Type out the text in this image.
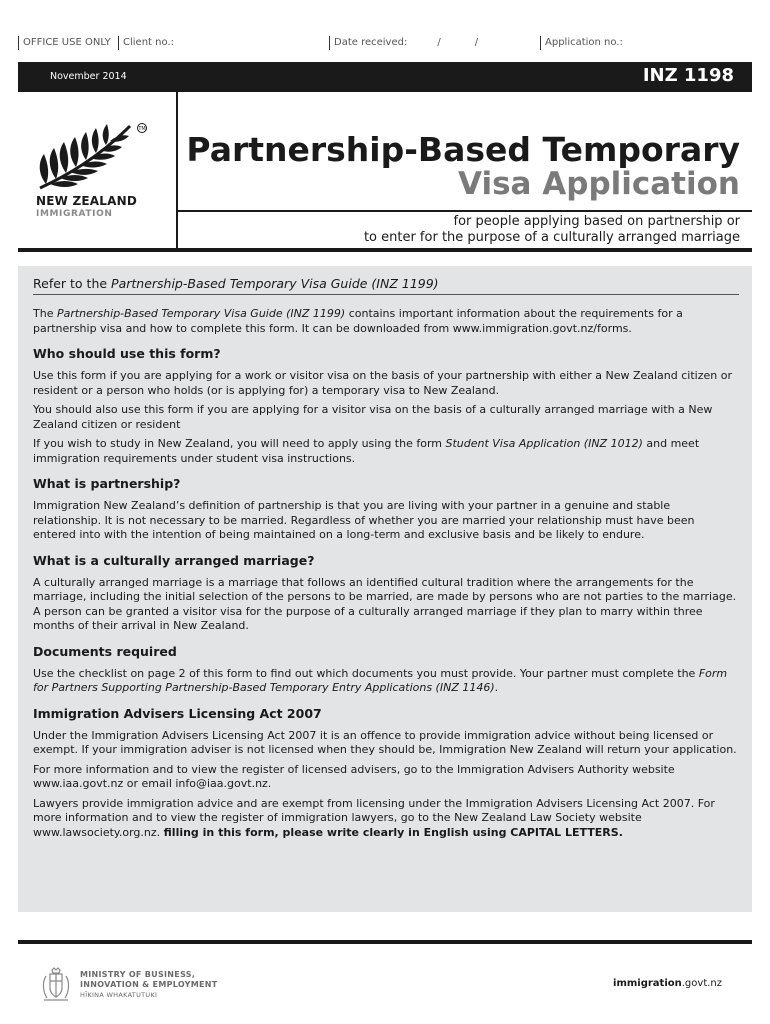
OFFICE USE ONLY	Client no.:	Date received:	/	/	Application no.:
November 2014	INZ 1198
TM
NEW ZEALAND
IMMIGRATION
Partnership-Based Temporary
Visa Application
for people applying based on partnership or
to enter for the purpose of a culturally arranged marriage
Refer to the Partnership-Based Temporary Visa Guide (INZ 1199)

The Partnership-Based Temporary Visa Guide (INZ 1199) contains important information about the requirements for a partnership visa and how to complete this form. It can be downloaded from www.immigration.govt.nz/forms.

Who should use this form?

Use this form if you are applying for a work or visitor visa on the basis of your partnership with either a New Zealand citizen or resident or a person who holds (or is applying for) a temporary visa to New Zealand.

You should also use this form if you are applying for a visitor visa on the basis of a culturally arranged marriage with a New Zealand citizen or resident

If you wish to study in New Zealand, you will need to apply using the form Student Visa Application (INZ 1012) and meet immigration requirements under student visa instructions.

What is partnership?

Immigration New Zealand’s definition of partnership is that you are living with your partner in a genuine and stable relationship. It is not necessary to be married. Regardless of whether you are married your relationship must have been entered into with the intention of being maintained on a long-term and exclusive basis and be likely to endure.

What is a culturally arranged marriage?

A culturally arranged marriage is a marriage that follows an identified cultural tradition where the arrangements for the marriage, including the initial selection of the persons to be married, are made by persons who are not parties to the marriage. A person can be granted a visitor visa for the purpose of a culturally arranged marriage if they plan to marry within three months of their arrival in New Zealand.

Documents required

Use the checklist on page 2 of this form to find out which documents you must provide. Your partner must complete the Form for Partners Supporting Partnership-Based Temporary Entry Applications (INZ 1146).

Immigration Advisers Licensing Act 2007

Under the Immigration Advisers Licensing Act 2007 it is an offence to provide immigration advice without being licensed or exempt. If your immigration adviser is not licensed when they should be, Immigration New Zealand will return your application.

For more information and to view the register of licensed advisers, go to the Immigration Advisers Authority website www.iaa.govt.nz or email info@iaa.govt.nz.

Lawyers provide immigration advice and are exempt from licensing under the Immigration Advisers Licensing Act 2007. For more information and to view the register of immigration lawyers, go to the New Zealand Law Society website www.lawsociety.org.nz. filling in this form, please write clearly in English using CAPITAL LETTERS.

MINISTRY OF BUSINESS,
INNOVATION & EMPLOYMENT
HĪKINA WHAKATUTUKI
immigration.govt.nz
